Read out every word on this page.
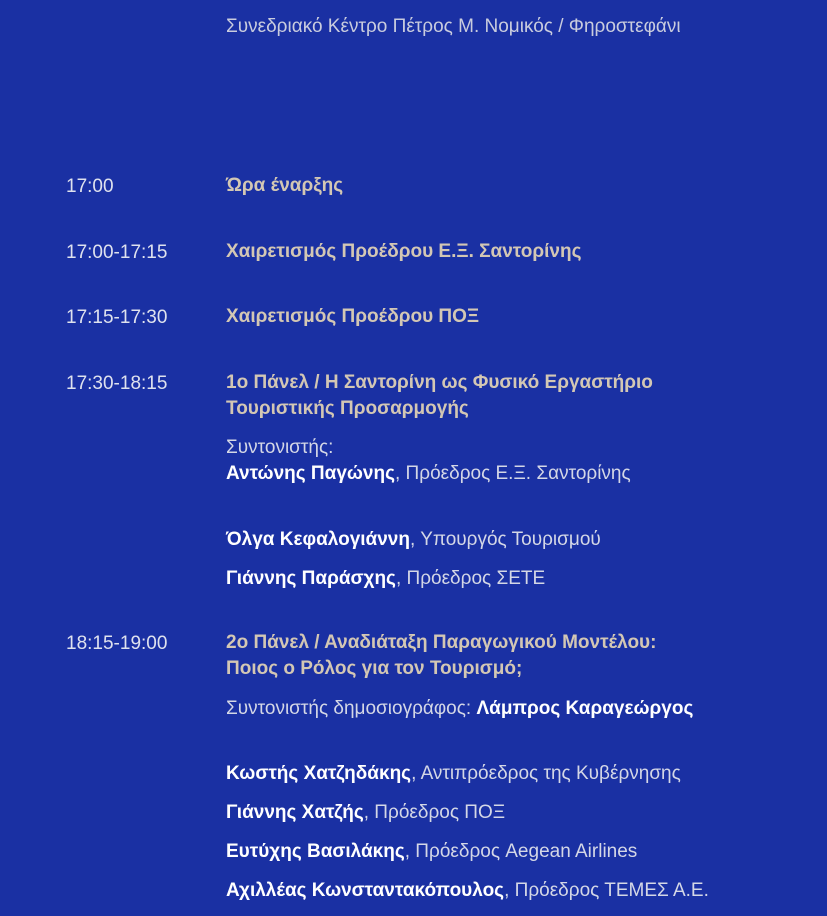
Συνεδριακό Κέντρο Πέτρος Μ. Νομικός / Φηροστεφάνι
17:00	Ώρα έναρξης
17:00-17:15	Χαιρετισμός Προέδρου Ε.Ξ. Σαντορίνης
17:15-17:30	Χαιρετισμός Προέδρου ΠΟΞ
17:30-18:15	1ο Πάνελ / Η Σαντορίνη ως Φυσικό Εργαστήριο
Τουριστικής Προσαρμογής
Συντονιστής:
Αντώνης Παγώνης, Πρόεδρος Ε.Ξ. Σαντορίνης
Όλγα Κεφαλογιάννη, Υπουργός Τουρισμού
Γιάννης Παράσχης, Πρόεδρος ΣΕΤΕ
18:15-19:00	2ο Πάνελ / Αναδιάταξη Παραγωγικού Μοντέλου:
Ποιος ο Ρόλος για τον Τουρισμό;
Συντονιστής δημοσιογράφος: Λάμπρος Καραγεώργος
Κωστής Χατζηδάκης, Αντιπρόεδρος της Κυβέρνησης
Γιάννης Χατζής, Πρόεδρος ΠΟΞ
Ευτύχης Βασιλάκης, Πρόεδρος Aegean Airlines
Αχιλλέας Κωνσταντακόπουλος, Πρόεδρος ΤΕΜΕΣ Α.Ε.
